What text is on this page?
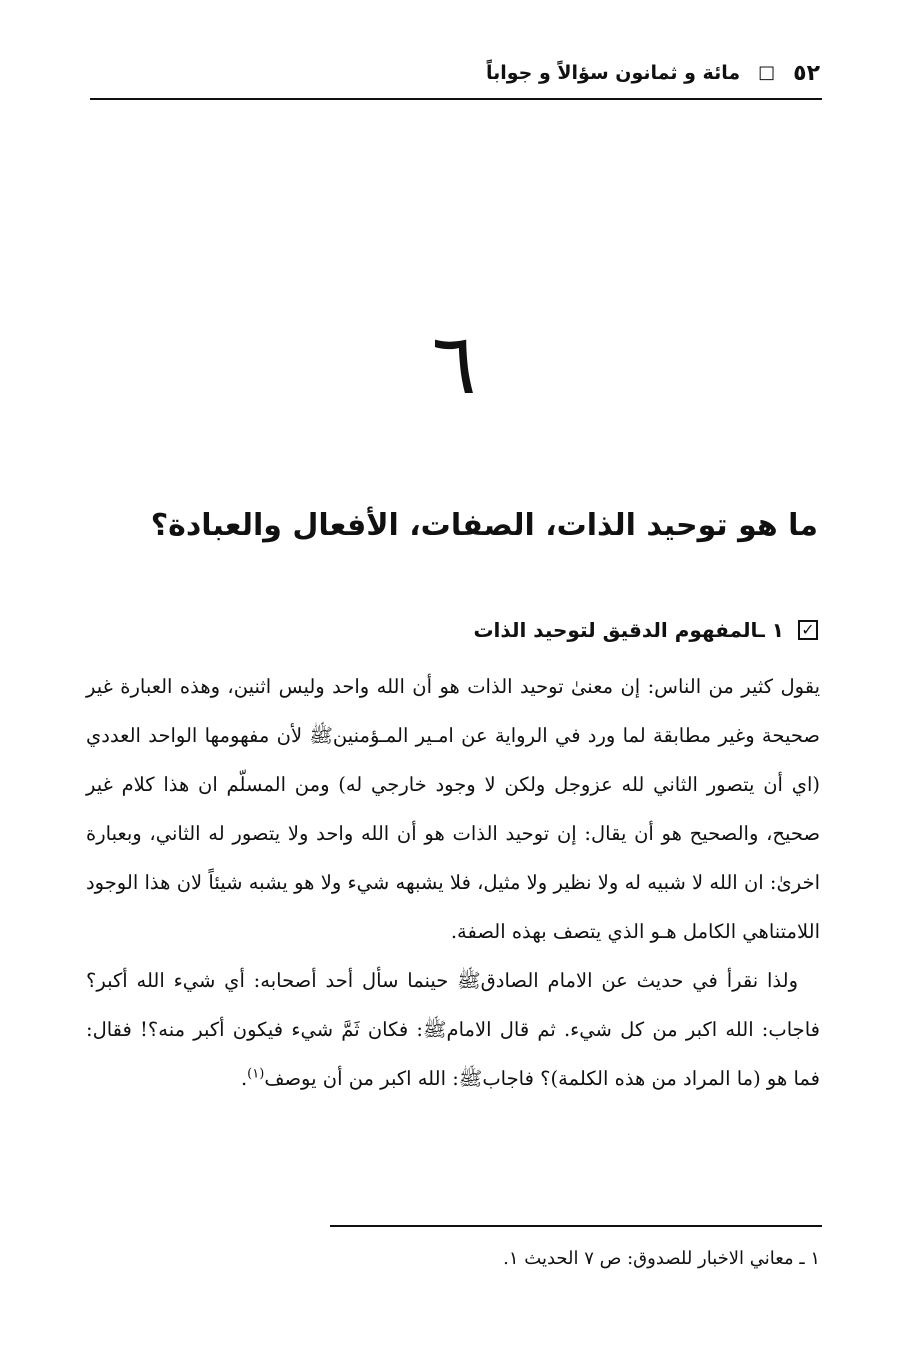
٥٢
□
مائة و ثمانون سؤالاً و جواباً
٦
ما هو توحيد الذات، الصفات، الأفعال والعبادة؟
✓
١ ـالمفهوم الدقيق لتوحيد الذات

يقول كثير من الناس: إن معنىٰ توحيد الذات هو أن الله واحد وليس اثنين، وهذه العبارة غير صحيحة وغير مطابقة لما ورد في الرواية عن امـير المـؤمنينﷺ لأن مفهومها الواحد العددي (اي أن يتصور الثاني لله عزوجل ولكن لا وجود خارجي له) ومن المسلّم ان هذا كلام غير صحيح، والصحيح هو أن يقال: إن توحيد الذات هو أن الله واحد ولا يتصور له الثاني، وبعبارة اخرىٰ: ان الله لا شبيه له ولا نظير ولا مثيل، فلا يشبهه شيء ولا هو يشبه شيئاً لان هذا الوجود اللامتناهي الكامل هـو الذي يتصف بهذه الصفة.

ولذا نقرأ في حديث عن الامام الصادقﷺ حينما سأل أحد أصحابه: أي شيء الله أكبر؟ فاجاب: الله اكبر من كل شيء. ثم قال الامامﷺ: فكان ثَمَّ شيء فيكون أكبر منه؟! فقال: فما هو (ما المراد من هذه الكلمة)؟ فاجابﷺ: الله اكبر من أن يوصف$^{(١)}$.

١ ـ معاني الاخبار للصدوق: ص ٧ الحديث ١.
